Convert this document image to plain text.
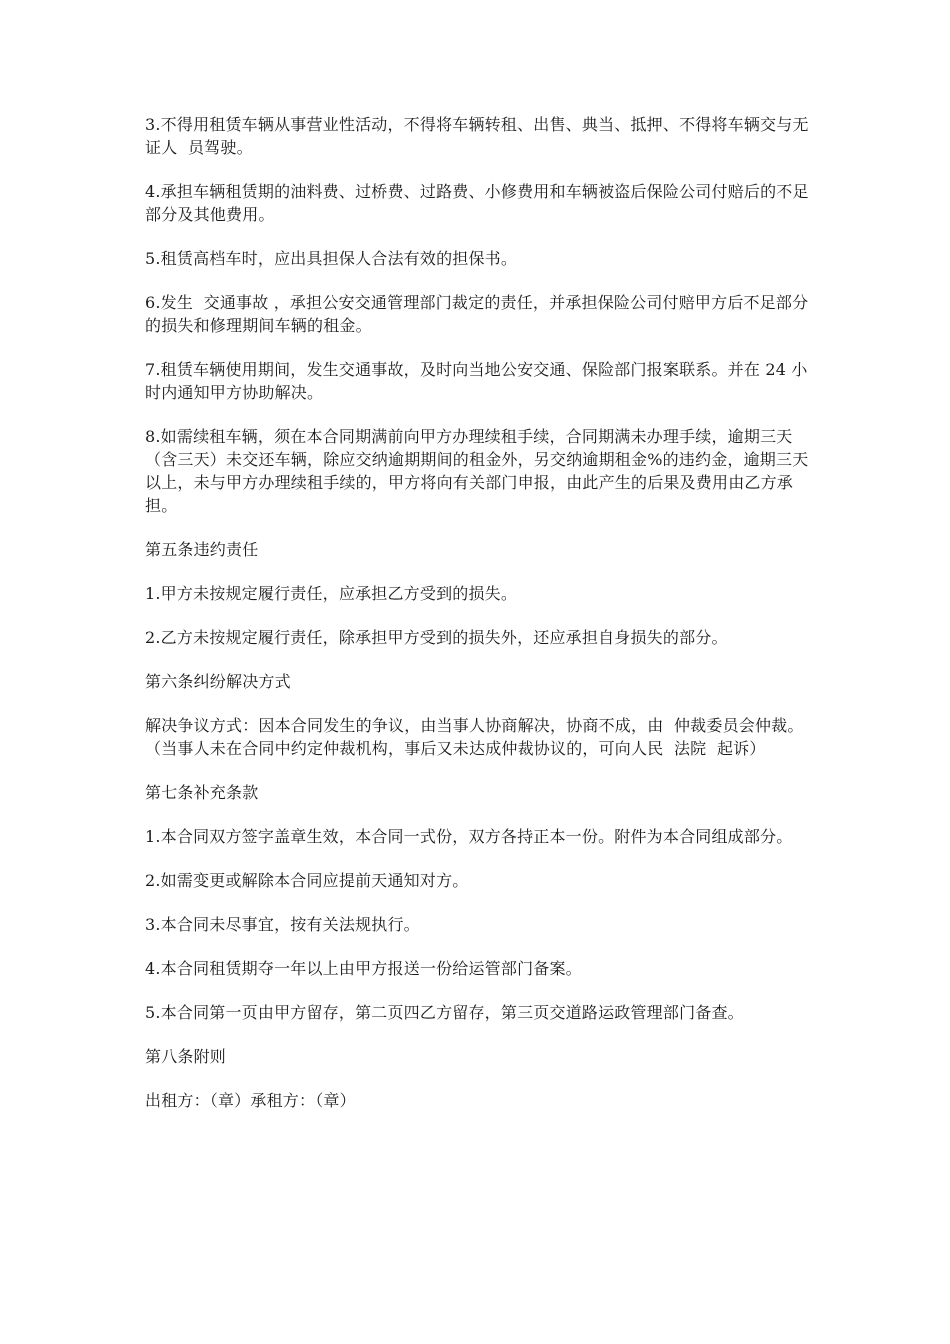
3.不得用租赁车辆从事营业性活动，不得将车辆转租、出售、典当、抵押、不得将车辆交与无  证人  员驾驶。

4.承担车辆租赁期的油料费、过桥费、过路费、小修费用和车辆被盗后保险公司付赔后的不足部分及其他费用。

5.租赁高档车时，应出具担保人合法有效的担保书。

6.发生  交通事故 ，承担公安交通管理部门裁定的责任，并承担保险公司付赔甲方后不足部分的损失和修理期间车辆的租金。

7.租赁车辆使用期间，发生交通事故，及时向当地公安交通、保险部门报案联系。并在 24 小时内通知甲方协助解决。

8.如需续租车辆，须在本合同期满前向甲方办理续租手续，合同期满未办理手续，逾期三天（含三天）未交还车辆，除应交纳逾期期间的租金外，另交纳逾期租金%的违约金，逾期三天以上，未与甲方办理续租手续的，甲方将向有关部门申报，由此产生的后果及费用由乙方承担。

第五条违约责任

1.甲方未按规定履行责任，应承担乙方受到的损失。

2.乙方未按规定履行责任，除承担甲方受到的损失外，还应承担自身损失的部分。

第六条纠纷解决方式

解决争议方式：因本合同发生的争议，由当事人协商解决，协商不成，由  仲裁委员会仲裁。（当事人未在合同中约定仲裁机构，事后又未达成仲裁协议的，可向人民  法院  起诉）

第七条补充条款

1.本合同双方签字盖章生效，本合同一式份，双方各持正本一份。附件为本合同组成部分。

2.如需变更或解除本合同应提前天通知对方。

3.本合同未尽事宜，按有关法规执行。

4.本合同租赁期夺一年以上由甲方报送一份给运管部门备案。

5.本合同第一页由甲方留存，第二页四乙方留存，第三页交道路运政管理部门备查。

第八条附则

出租方：（章）承租方：（章）
